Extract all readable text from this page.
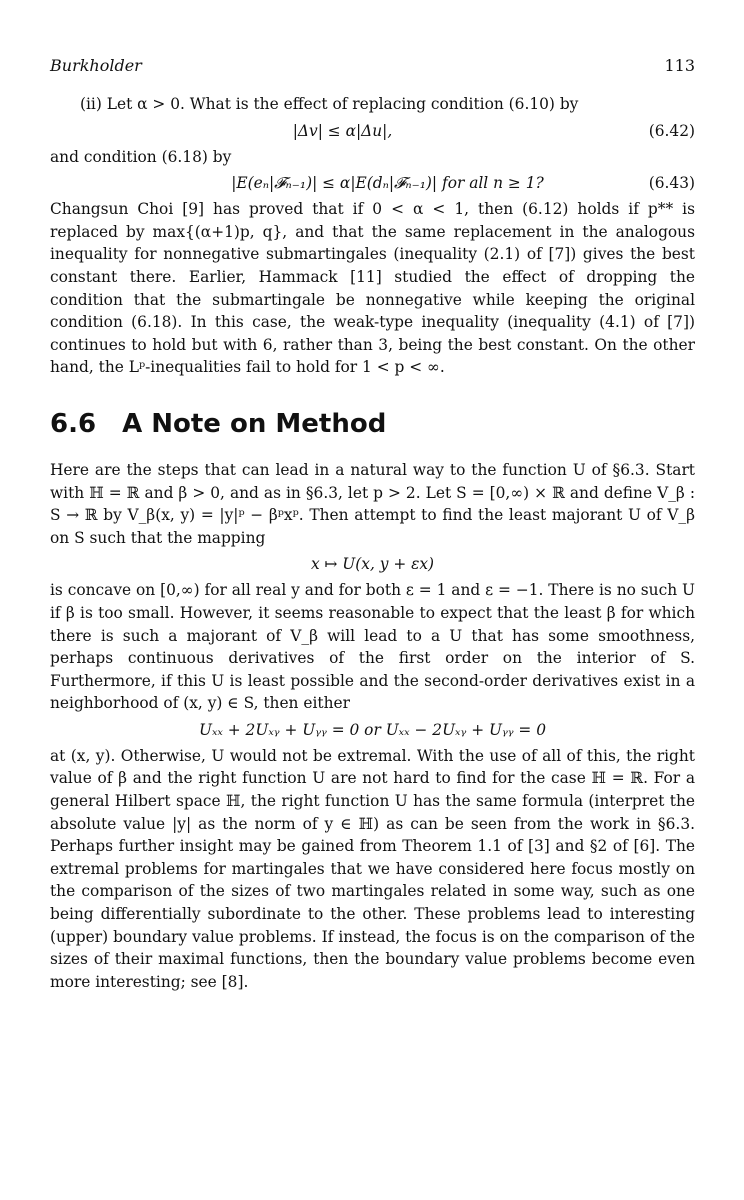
Burkholder	113

(ii) Let α > 0. What is the effect of replacing condition (6.10) by

|Δv| ≤ α|Δu|,	(6.42)

and condition (6.18) by

|E(eₙ|𝓕ₙ₋₁)| ≤ α|E(dₙ|𝓕ₙ₋₁)| for all n ≥ 1?	(6.43)

Changsun Choi [9] has proved that if 0 < α < 1, then (6.12) holds if p** is replaced by max{(α+1)p, q}, and that the same replacement in the analogous inequality for nonnegative submartingales (inequality (2.1) of [7]) gives the best constant there. Earlier, Hammack [11] studied the effect of dropping the condition that the submartingale be nonnegative while keeping the original condition (6.18). In this case, the weak-type inequality (inequality (4.1) of [7]) continues to hold but with 6, rather than 3, being the best constant. On the other hand, the Lᵖ-inequalities fail to hold for 1 < p < ∞.

6.6 A Note on Method

Here are the steps that can lead in a natural way to the function U of §6.3. Start with ℍ = ℝ and β > 0, and as in §6.3, let p > 2. Let S = [0,∞) × ℝ and define V_β : S → ℝ by V_β(x, y) = |y|ᵖ − βᵖxᵖ. Then attempt to find the least majorant U of V_β on S such that the mapping

x ↦ U(x, y + εx)

is concave on [0,∞) for all real y and for both ε = 1 and ε = −1. There is no such U if β is too small. However, it seems reasonable to expect that the least β for which there is such a majorant of V_β will lead to a U that has some smoothness, perhaps continuous derivatives of the first order on the interior of S. Furthermore, if this U is least possible and the second-order derivatives exist in a neighborhood of (x, y) ∈ S, then either

Uₓₓ + 2Uₓᵧ + Uᵧᵧ = 0 or Uₓₓ − 2Uₓᵧ + Uᵧᵧ = 0

at (x, y). Otherwise, U would not be extremal. With the use of all of this, the right value of β and the right function U are not hard to find for the case ℍ = ℝ. For a general Hilbert space ℍ, the right function U has the same formula (interpret the absolute value |y| as the norm of y ∈ ℍ) as can be seen from the work in §6.3. Perhaps further insight may be gained from Theorem 1.1 of [3] and §2 of [6]. The extremal problems for martingales that we have considered here focus mostly on the comparison of the sizes of two martingales related in some way, such as one being differentially subordinate to the other. These problems lead to interesting (upper) boundary value problems. If instead, the focus is on the comparison of the sizes of their maximal functions, then the boundary value problems become even more interesting; see [8].
